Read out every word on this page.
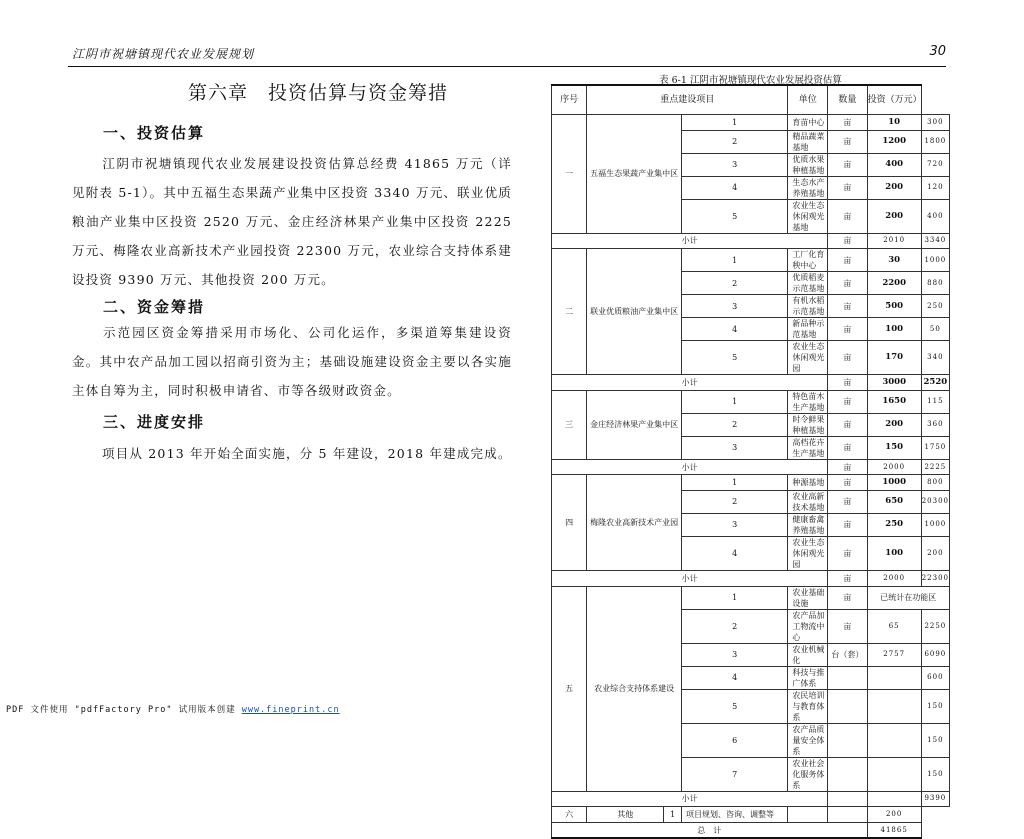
江阴市祝塘镇现代农业发展规划	30
第六章　投资估算与资金筹措
一、投资估算
江阴市祝塘镇现代农业发展建设投资估算总经费 41865 万元（详见附表 5-1）。其中五福生态果蔬产业集中区投资 3340 万元、联业优质粮油产业集中区投资 2520 万元、金庄经济林果产业集中区投资 2225 万元、梅隆农业高新技术产业园投资 22300 万元，农业综合支持体系建设投资 9390 万元、其他投资 200 万元。
二、资金筹措
示范园区资金筹措采用市场化、公司化运作，多渠道筹集建设资金。其中农产品加工园以招商引资为主；基础设施建设资金主要以各实施主体自筹为主，同时积极申请省、市等各级财政资金。
三、进度安排
项目从 2013 年开始全面实施，分 5 年建设，2018 年建成完成。
表 6-1 江阴市祝塘镇现代农业发展投资估算
序号	重点建设项目			单位	数量	投资（万元）	
一	五福生态果蔬产业集中区		1	育苗中心	亩	10	300
			2	精品蔬菜基地	亩	1200	1800
			3	优质水果种植基地	亩	400	720
			4	生态水产养殖基地	亩	200	120
			5	农业生态休闲观光基地	亩	200	400
小计					亩	2010	3340
二	联业优质粮油产业集中区		1	工厂化育秧中心	亩	30	1000
			2	优质稻麦示范基地	亩	2200	880
			3	有机水稻示范基地	亩	500	250
			4	新品种示范基地	亩	100	50
			5	农业生态休闲观光园	亩	170	340
小计					亩	3000	2520
三	金庄经济林果产业集中区		1	特色苗木生产基地	亩	1650	115
			2	时令鲜果种植基地	亩	200	360
			3	高档花卉生产基地	亩	150	1750
小计					亩	2000	2225
四	梅隆农业高新技术产业园		1	种源基地	亩	1000	800
			2	农业高新技术基地	亩	650	20300
			3	健康畜禽养殖基地	亩	250	1000
			4	农业生态休闲观光园	亩	100	200
小计					亩	2000	22300
五	农业综合支持体系建设		1	农业基础设施	亩	已统计在功能区	
			2	农产品加工物流中心	亩	65	2250
			3	农业机械化	台（套）	2757	6090
			4	科技与推广体系			600
			5	农民培训与教育体系			150
			6	农产品质量安全体系			150
			7	农业社会化服务体系			150
小计							9390
六	其他	1	项目规划、咨询、调整等			200	
总　计						41865	
PDF 文件使用 "pdfFactory Pro" 试用版本创建 www.fineprint.cn
